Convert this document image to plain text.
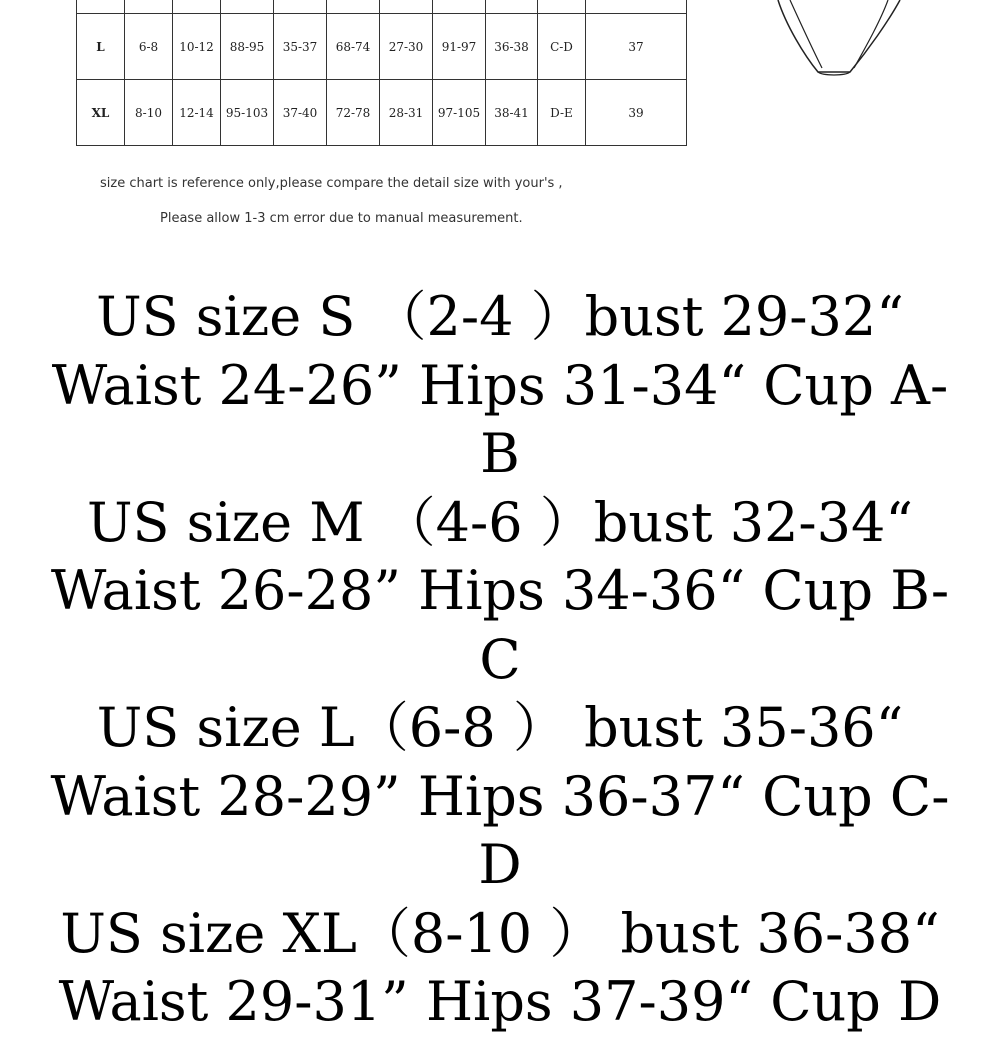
L	6-8	10-12	88-95	35-37	68-74	27-30	91-97	36-38	C-D	37
XL	8-10	12-14	95-103	37-40	72-78	28-31	97-105	38-41	D-E	39
size chart is reference only,please compare the detail size with your's ,
Please allow 1-3 cm error due to manual measurement.

US size S （2-4 ）bust 29-32“ Waist 24-26” Hips 31-34“ Cup A-B

US size M （4-6 ）bust 32-34“ Waist 26-28” Hips 34-36“ Cup B-C

US size L（6-8 ） bust 35-36“ Waist 28-29” Hips 36-37“ Cup C-D

US size XL（8-10 ） bust 36-38“ Waist 29-31” Hips 37-39“ Cup D
